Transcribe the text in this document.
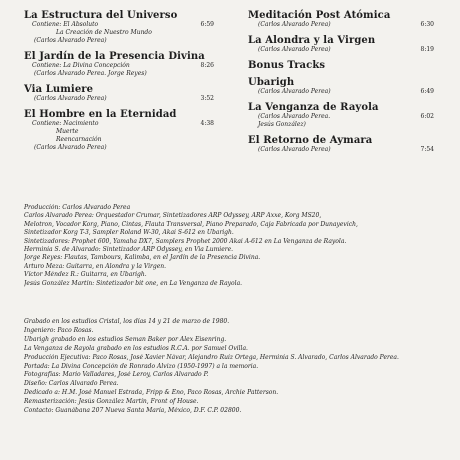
La Estructura del Universo
Contiene: El Absoluto	6:59
La Creación de Nuestro Mundo
(Carlos Alvarado Perea)
El Jardín de la Presencia Divina
Contiene: La Divina Concepción	8:26
(Carlos Alvarado Perea. Jorge Reyes)
Via Lumiere
(Carlos Alvarado Perea)	3:52
El Hombre en la Eternidad
Contiene: Nacimiento	4:38
Muerte
Reencarnación
(Carlos Alvarado Perea)
Meditación Post Atómica
(Carlos Alvarado Perea)	6:30
La Alondra y la Virgen
(Carlos Alvarado Perea)	8:19
Bonus Tracks
Ubarigh
(Carlos Alvarado Perea)	6:49
La Venganza de Rayola
(Carlos Alvarado Perea.	6:02
Jesús González)
El Retorno de Aymara
(Carlos Alvarado Perea)	7:54
Producción: Carlos Alvarado Perea
Carlos Alvarado Perea: Orquestador Crumar, Sintetizadores ARP Odyssey, ARP Axxe, Korg MS20,
Melotron, Vocador Korg, Piano, Cintas, Flauta Transversal, Piano Preparado, Caja Fabricada por Dunayevich,
Sintetizador Korg T-3, Sampler Roland W-30, Akai S-612 en Ubarigh.
Sintetizadores: Prophet 600, Yamaha DX7, Samplers Prophet 2000 Akai A-612 en La Venganza de Rayola.
Herminia S. de Alvarado: Sintetizador ARP Odyssey, en Via Lumiere.
Jorge Reyes: Flautas, Tambours, Kalimba, en el Jardín de la Presencia Divina.
Arturo Meza: Guitarra, en Alondra y la Virgen.
Víctor Méndez R.: Guitarra, en Ubarigh.
Jesús González Martín: Sintetizador bit one, en La Venganza de Rayola.
Grabado en los estudios Cristal, los días 14 y 21 de marzo de 1980.
Ingeniero: Paco Rosas.
Ubarigh grabado en los estudios Seman Baker por Alex Eisenring.
La Venganza de Rayola grabado en los estudios R.C.A. por Samuel Ovilla.
Producción Ejecutiva: Paco Rosas, José Xavier Návar, Alejandro Ruiz Ortega, Herminia S. Alvarado, Carlos Alvarado Perea.
Portada: La Divina Concepción de Ronrado Alvizo (1950-1997) a la memoria.
Fotografías: Mario Valladares, José Leroy, Carlos Alvarado P.
Diseño: Carlos Alvarado Perea.
Dedicado a: H.M. José Manuel Estrada, Fripp & Eno, Paco Rosas, Archie Patterson.
Remasterización: Jesús González Martín, Front of House.
Contacto: Guanábana 207 Nueva Santa María, México, D.F. C.P. 02800.
